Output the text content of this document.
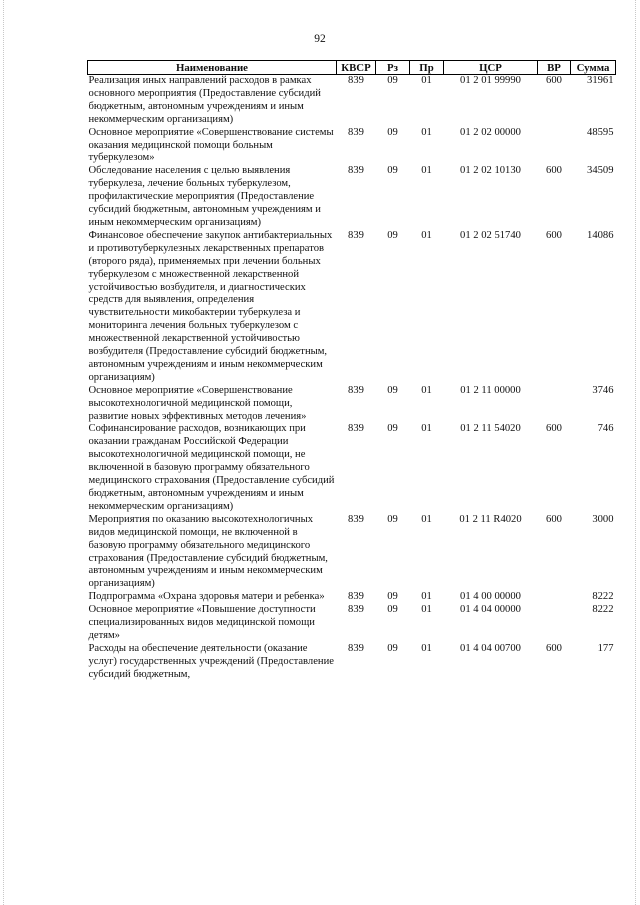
92
Наименование	КВСР	Рз	Пр	ЦСР	ВР	Сумма
Реализация иных направлений расходов в рамках основного мероприятия (Предоставление субсидий бюджетным, автономным учреждениям и иным некоммерческим организациям)	839	09	01	01 2 01 99990	600	31961
Основное мероприятие «Совершенствование системы оказания медицинской помощи больным туберкулезом»	839	09	01	01 2 02 00000		48595
Обследование населения с целью выявления туберкулеза, лечение больных туберкулезом, профилактические мероприятия (Предоставление субсидий бюджетным, автономным учреждениям и иным некоммерческим организациям)	839	09	01	01 2 02 10130	600	34509
Финансовое обеспечение закупок антибактериальных и противотуберкулезных лекарственных препаратов (второго ряда), применяемых при лечении больных туберкулезом с множественной лекарственной устойчивостью возбудителя, и диагностических средств для выявления, определения чувствительности микобактерии туберкулеза и мониторинга лечения больных туберкулезом с множественной лекарственной устойчивостью возбудителя (Предоставление субсидий бюджетным, автономным учреждениям и иным некоммерческим организациям)	839	09	01	01 2 02 51740	600	14086
Основное мероприятие «Совершенствование высокотехнологичной медицинской помощи, развитие новых эффективных методов лечения»	839	09	01	01 2 11 00000		3746
Софинансирование расходов, возникающих при оказании гражданам Российской Федерации высокотехнологичной медицинской помощи, не включенной в базовую программу обязательного медицинского страхования (Предоставление субсидий бюджетным, автономным учреждениям и иным некоммерческим организациям)	839	09	01	01 2 11 54020	600	746
Мероприятия по оказанию высокотехнологичных видов медицинской помощи, не включенной в базовую программу обязательного медицинского страхования (Предоставление субсидий бюджетным, автономным учреждениям и иным некоммерческим организациям)	839	09	01	01 2 11 R4020	600	3000
Подпрограмма «Охрана здоровья матери и ребенка»	839	09	01	01 4 00 00000		8222
Основное мероприятие «Повышение доступности специализированных видов медицинской помощи детям»	839	09	01	01 4 04 00000		8222
Расходы на обеспечение деятельности (оказание услуг) государственных учреждений (Предоставление субсидий бюджетным,	839	09	01	01 4 04 00700	600	177
